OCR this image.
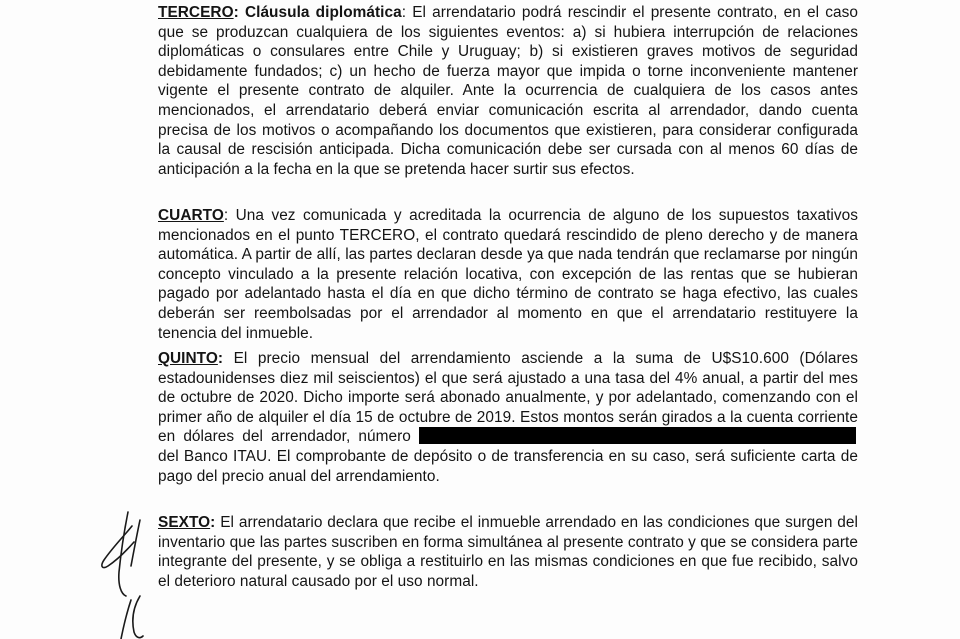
TERCERO: Cláusula diplomática: El arrendatario podrá rescindir el presente contrato, en el caso que se produzcan cualquiera de los siguientes eventos: a) si hubiera interrupción de relaciones diplomáticas o consulares entre Chile y Uruguay; b) si existieren graves motivos de seguridad debidamente fundados; c) un hecho de fuerza mayor que impida o torne inconveniente mantener vigente el presente contrato de alquiler. Ante la ocurrencia de cualquiera de los casos antes mencionados, el arrendatario deberá enviar comunicación escrita al arrendador, dando cuenta precisa de los motivos o acompañando los documentos que existieren, para considerar configurada la causal de rescisión anticipada. Dicha comunicación debe ser cursada con al menos 60 días de anticipación a la fecha en la que se pretenda hacer surtir sus efectos.

CUARTO: Una vez comunicada y acreditada la ocurrencia de alguno de los supuestos taxativos mencionados en el punto TERCERO, el contrato quedará rescindido de pleno derecho y de manera automática. A partir de allí, las partes declaran desde ya que nada tendrán que reclamarse por ningún concepto vinculado a la presente relación locativa, con excepción de las rentas que se hubieran pagado por adelantado hasta el día en que dicho término de contrato se haga efectivo, las cuales deberán ser reembolsadas por el arrendador al momento en que el arrendatario restituyere la tenencia del inmueble.

QUINTO: El precio mensual del arrendamiento asciende a la suma de U$S10.600 (Dólares estadounidenses diez mil seiscientos) el que será ajustado a una tasa del 4% anual, a partir del mes de octubre de 2020. Dicho importe será abonado anualmente, y por adelantado, comenzando con el primer año de alquiler el día 15 de octubre de 2019. Estos montos serán girados a la cuenta corriente en dólares del arrendador, número del Banco ITAU. El comprobante de depósito o de transferencia en su caso, será suficiente carta de pago del precio anual del arrendamiento.

SEXTO: El arrendatario declara que recibe el inmueble arrendado en las condiciones que surgen del inventario que las partes suscriben en forma simultánea al presente contrato y que se considera parte integrante del presente, y se obliga a restituirlo en las mismas condiciones en que fue recibido, salvo el deterioro natural causado por el uso normal.
